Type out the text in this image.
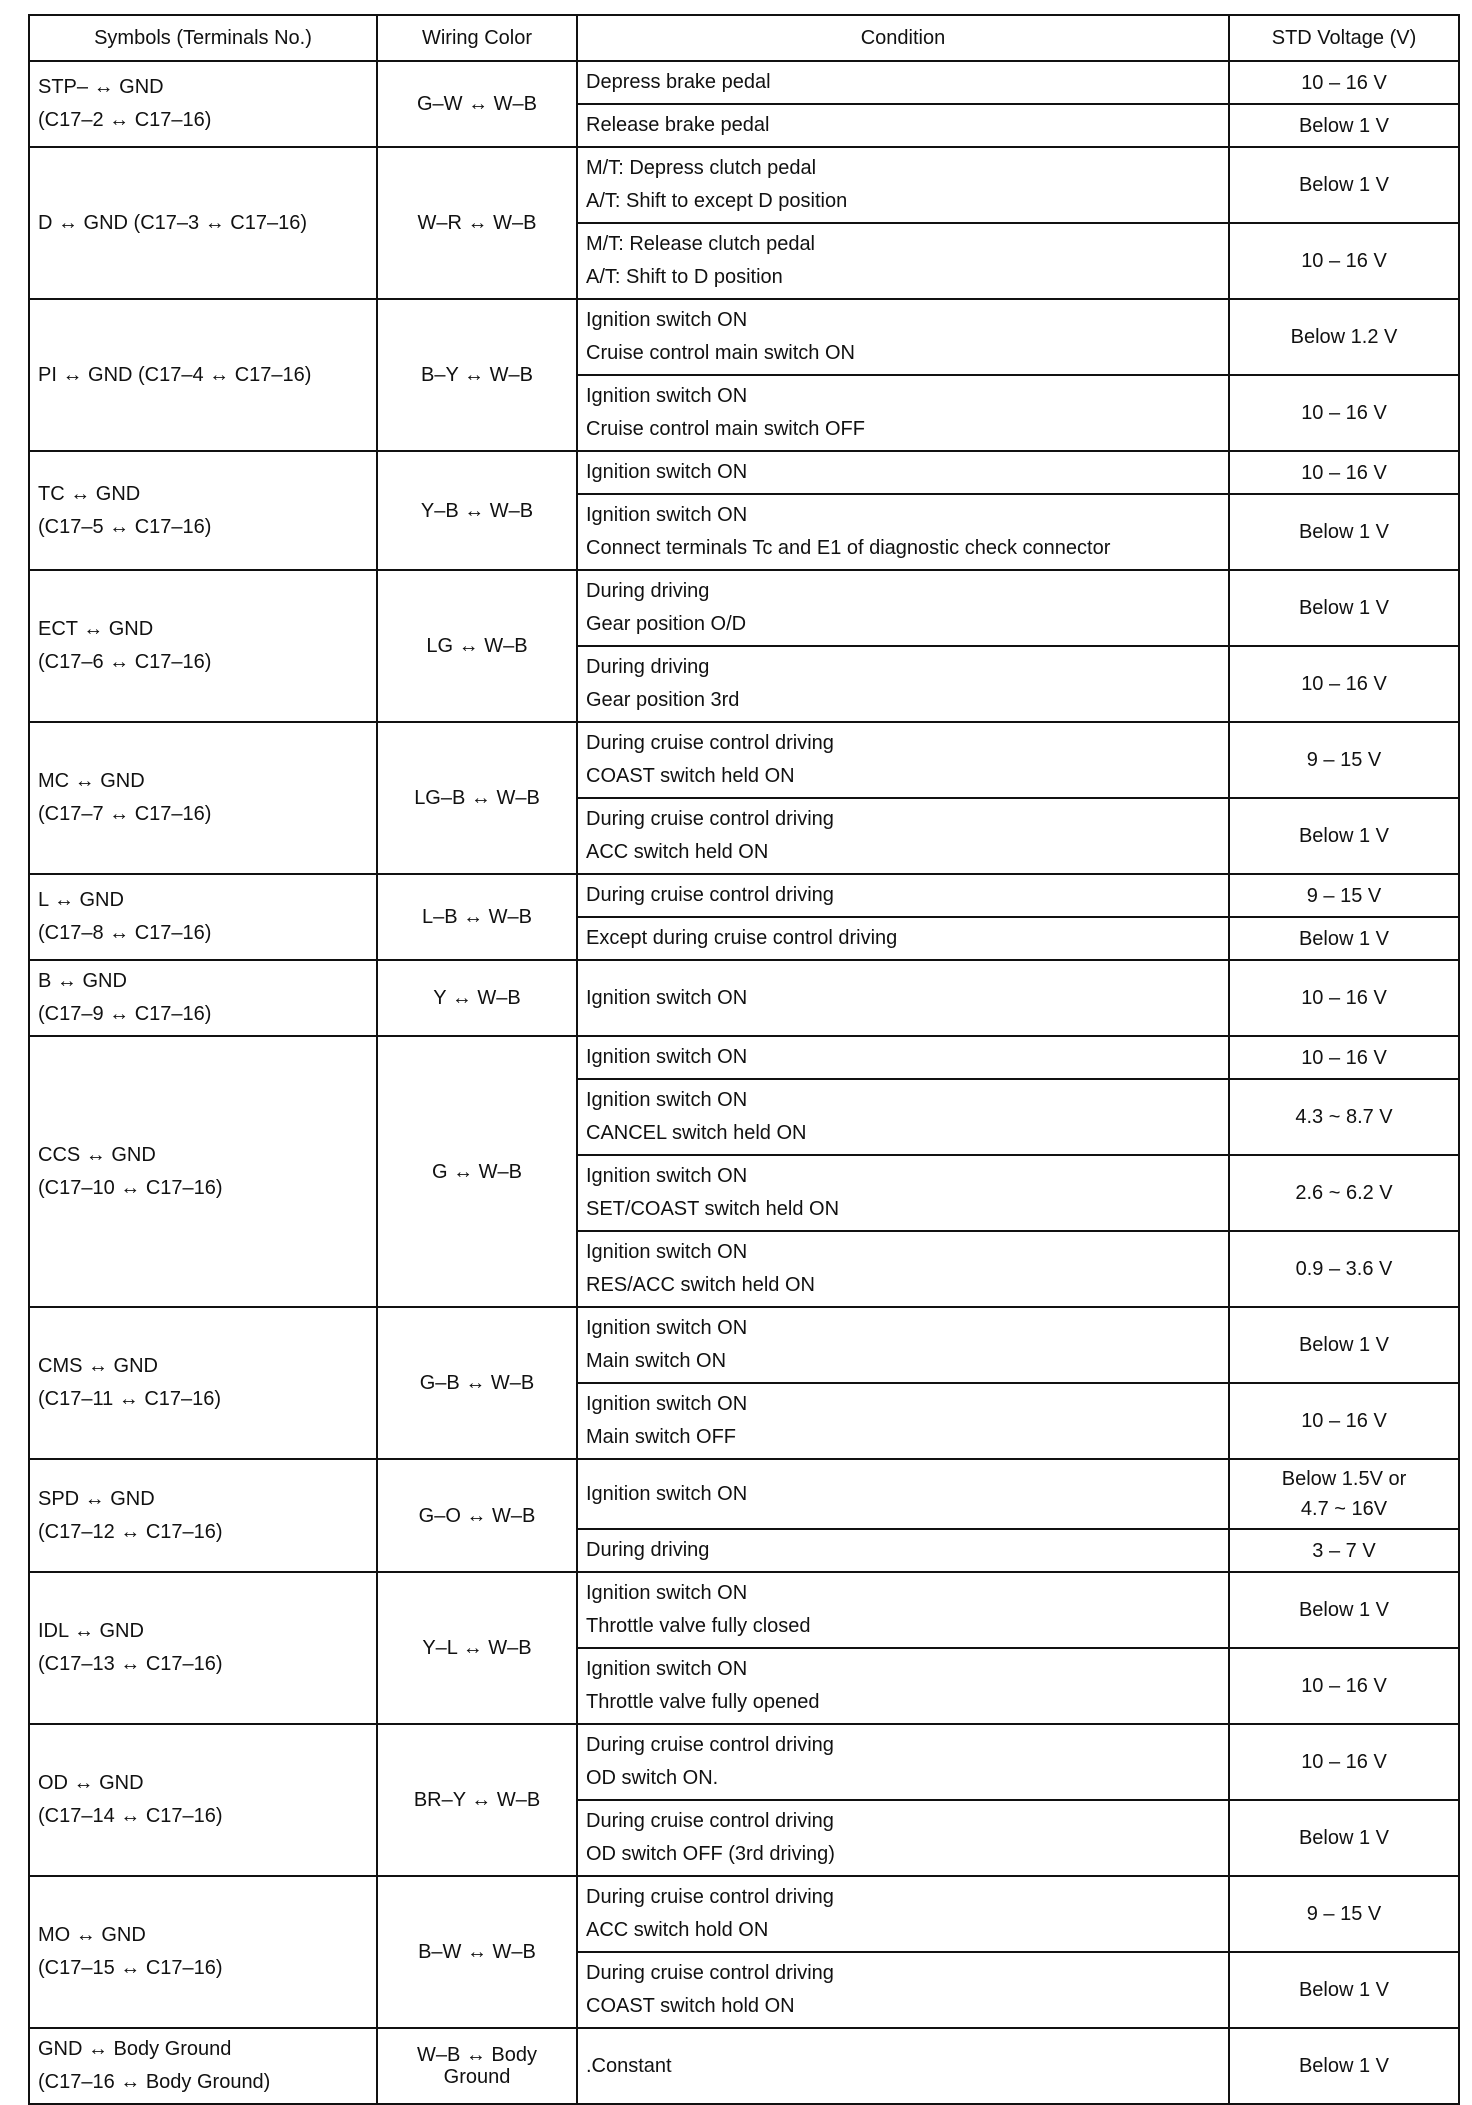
Symbols (Terminals No.)	Wiring Color	Condition	STD Voltage (V)

STP– ↔ GND
(C17–2 ↔ C17–16)	G–W ↔ W–B	Depress brake pedal	10 – 16 V

		Release brake pedal	Below 1 V

D ↔ GND (C17–3 ↔ C17–16)	W–R ↔ W–B	M/T: Depress clutch pedal
A/T: Shift to except D position	Below 1 V

		M/T: Release clutch pedal
A/T: Shift to D position	10 – 16 V

PI ↔ GND (C17–4 ↔ C17–16)	B–Y ↔ W–B	Ignition switch ON
Cruise control main switch ON	Below 1.2 V

		Ignition switch ON
Cruise control main switch OFF	10 – 16 V

TC ↔ GND
(C17–5 ↔ C17–16)	Y–B ↔ W–B	Ignition switch ON	10 – 16 V

		Ignition switch ON
Connect terminals Tc and E1 of diagnostic check connector	Below 1 V

ECT ↔ GND
(C17–6 ↔ C17–16)	LG ↔ W–B	During driving
Gear position O/D	Below 1 V

		During driving
Gear position 3rd	10 – 16 V

MC ↔ GND
(C17–7 ↔ C17–16)	LG–B ↔ W–B	During cruise control driving
COAST switch held ON	9 – 15 V

		During cruise control driving
ACC switch held ON	Below 1 V

L ↔ GND
(C17–8 ↔ C17–16)	L–B ↔ W–B	During cruise control driving	9 – 15 V

		Except during cruise control driving	Below 1 V

B ↔ GND
(C17–9 ↔ C17–16)	Y ↔ W–B	Ignition switch ON	10 – 16 V

CCS ↔ GND
(C17–10 ↔ C17–16)	G ↔ W–B	Ignition switch ON	10 – 16 V

		Ignition switch ON
CANCEL switch held ON	4.3 ~ 8.7 V

		Ignition switch ON
SET/COAST switch held ON	2.6 ~ 6.2 V

		Ignition switch ON
RES/ACC switch held ON	0.9 – 3.6 V

CMS ↔ GND
(C17–11 ↔ C17–16)	G–B ↔ W–B	Ignition switch ON
Main switch ON	Below 1 V

		Ignition switch ON
Main switch OFF	10 – 16 V

SPD ↔ GND
(C17–12 ↔ C17–16)	G–O ↔ W–B	Ignition switch ON	Below 1.5V or
4.7 ~ 16V

		During driving	3 – 7 V

IDL ↔ GND
(C17–13 ↔ C17–16)	Y–L ↔ W–B	Ignition switch ON
Throttle valve fully closed	Below 1 V

		Ignition switch ON
Throttle valve fully opened	10 – 16 V

OD ↔ GND
(C17–14 ↔ C17–16)	BR–Y ↔ W–B	During cruise control driving
OD switch ON.	10 – 16 V

		During cruise control driving
OD switch OFF (3rd driving)	Below 1 V

MO ↔ GND
(C17–15 ↔ C17–16)	B–W ↔ W–B	During cruise control driving
ACC switch hold ON	9 – 15 V

		During cruise control driving
COAST switch hold ON	Below 1 V

GND ↔ Body Ground
(C17–16 ↔ Body Ground)	W–B ↔ Body
Ground	.Constant	Below 1 V
